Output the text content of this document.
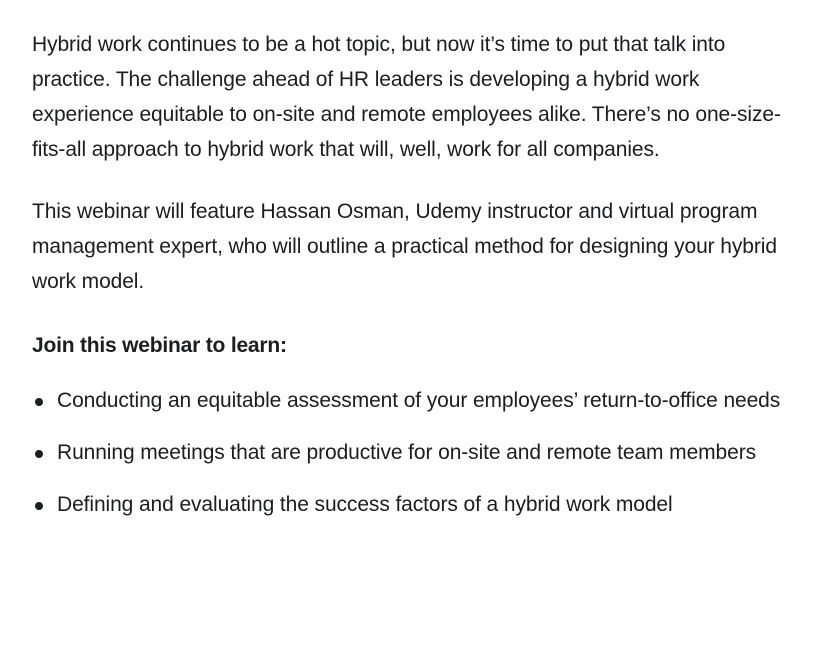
Hybrid work continues to be a hot topic, but now it’s time to put that talk into practice. The challenge ahead of HR leaders is developing a hybrid work experience equitable to on-site and remote employees alike. There’s no one-size-fits-all approach to hybrid work that will, well, work for all companies.

This webinar will feature Hassan Osman, Udemy instructor and virtual program management expert, who will outline a practical method for designing your hybrid work model.

Join this webinar to learn:
Conducting an equitable assessment of your employees’ return-to-office needs
Running meetings that are productive for on-site and remote team members
Defining and evaluating the success factors of a hybrid work model
